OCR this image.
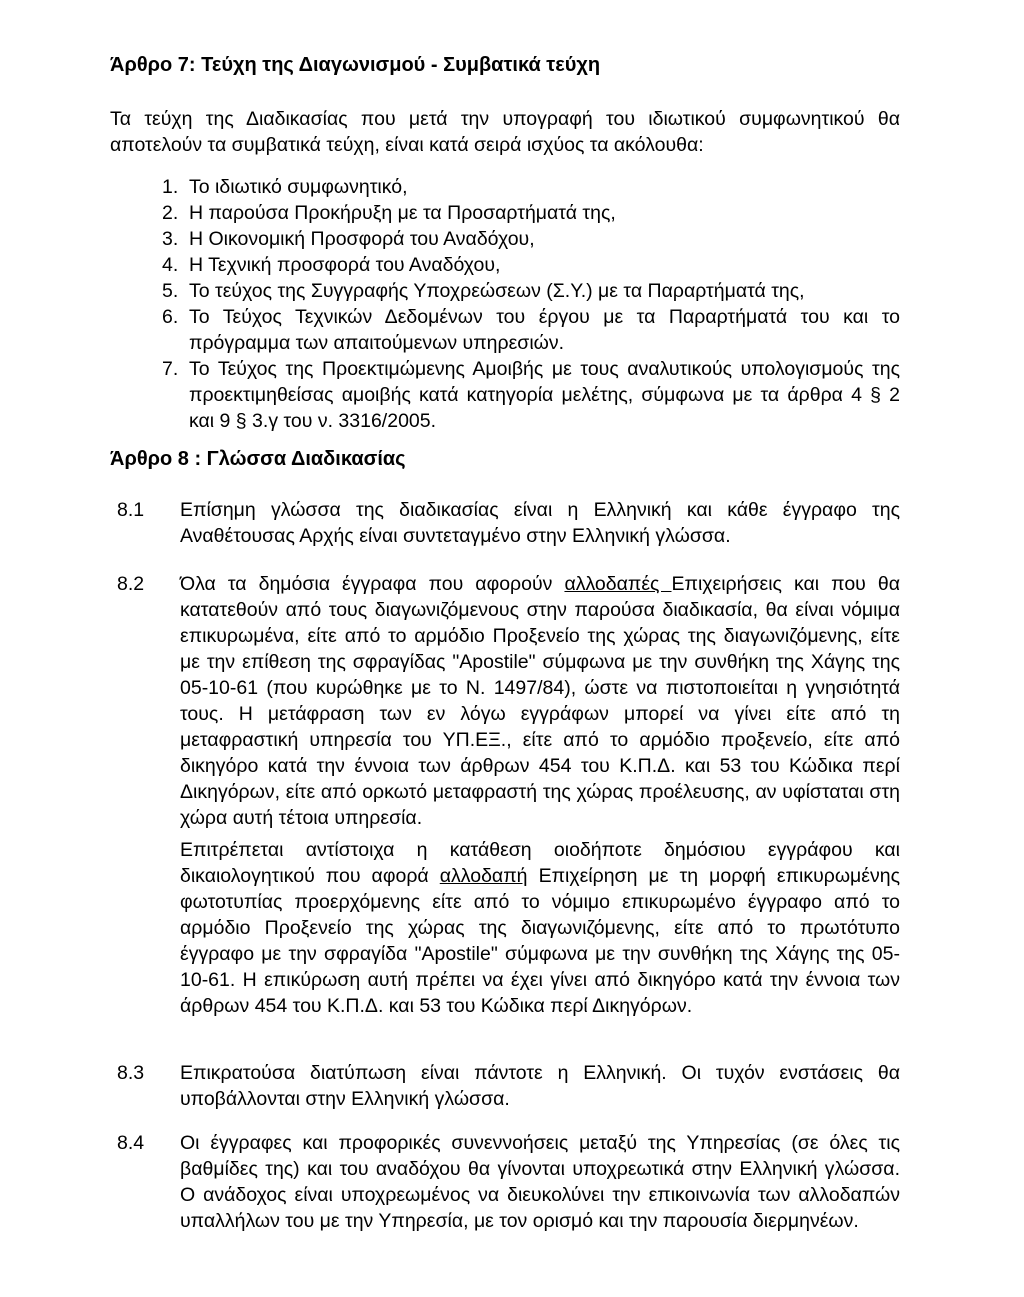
Άρθρο 7: Τεύχη της Διαγωνισμού - Συμβατικά τεύχη
Τα τεύχη της Διαδικασίας που μετά την υπογραφή του ιδιωτικού συμφωνητικού θα αποτελούν τα συμβατικά τεύχη, είναι κατά σειρά ισχύος τα ακόλουθα:
1. Το ιδιωτικό συμφωνητικό,
2. Η παρούσα Προκήρυξη με τα Προσαρτήματά της,
3. Η Οικονομική Προσφορά του Αναδόχου,
4. Η Τεχνική προσφορά του Αναδόχου,
5. Το τεύχος της Συγγραφής Υποχρεώσεων (Σ.Υ.) με τα Παραρτήματά της,
6. Το Τεύχος Τεχνικών Δεδομένων του έργου με τα Παραρτήματά του και το πρόγραμμα των απαιτούμενων υπηρεσιών.
7. Το Τεύχος της Προεκτιμώμενης Αμοιβής με τους αναλυτικούς υπολογισμούς της προεκτιμηθείσας αμοιβής κατά κατηγορία μελέτης, σύμφωνα με τα άρθρα 4 § 2 και 9 § 3.γ του ν. 3316/2005.
Άρθρο 8 : Γλώσσα Διαδικασίας
8.1 Επίσημη γλώσσα της διαδικασίας είναι η Ελληνική και κάθε έγγραφο της Αναθέτουσας Αρχής είναι συντεταγμένο στην Ελληνική γλώσσα.
8.2 Όλα τα δημόσια έγγραφα που αφορούν αλλοδαπές Επιχειρήσεις και που θα κατατεθούν από τους διαγωνιζόμενους στην παρούσα διαδικασία, θα είναι νόμιμα επικυρωμένα, είτε από το αρμόδιο Προξενείο της χώρας της διαγωνιζόμενης, είτε με την επίθεση της σφραγίδας "Apostile" σύμφωνα με την συνθήκη της Χάγης της 05-10-61 (που κυρώθηκε με το Ν. 1497/84), ώστε να πιστοποιείται η γνησιότητά τους. Η μετάφραση των εν λόγω εγγράφων μπορεί να γίνει είτε από τη μεταφραστική υπηρεσία του ΥΠ.ΕΞ., είτε από το αρμόδιο προξενείο, είτε από δικηγόρο κατά την έννοια των άρθρων 454 του Κ.Π.Δ. και 53 του Κώδικα περί Δικηγόρων, είτε από ορκωτό μεταφραστή της χώρας προέλευσης, αν υφίσταται στη χώρα αυτή τέτοια υπηρεσία.
Επιτρέπεται αντίστοιχα η κατάθεση οιοδήποτε δημόσιου εγγράφου και δικαιολογητικού που αφορά αλλοδαπή Επιχείρηση με τη μορφή επικυρωμένης φωτοτυπίας προερχόμενης είτε από το νόμιμο επικυρωμένο έγγραφο από το αρμόδιο Προξενείο της χώρας της διαγωνιζόμενης, είτε από το πρωτότυπο έγγραφο με την σφραγίδα "Apostile" σύμφωνα με την συνθήκη της Χάγης της 05-10-61. Η επικύρωση αυτή πρέπει να έχει γίνει από δικηγόρο κατά την έννοια των άρθρων 454 του Κ.Π.Δ. και 53 του Κώδικα περί Δικηγόρων.
8.3 Επικρατούσα διατύπωση είναι πάντοτε η Ελληνική. Οι τυχόν ενστάσεις θα υποβάλλονται στην Ελληνική γλώσσα.
8.4 Οι έγγραφες και προφορικές συνεννοήσεις μεταξύ της Υπηρεσίας (σε όλες τις βαθμίδες της) και του αναδόχου θα γίνονται υποχρεωτικά στην Ελληνική γλώσσα. Ο ανάδοχος είναι υποχρεωμένος να διευκολύνει την επικοινωνία των αλλοδαπών υπαλλήλων του με την Υπηρεσία, με τον ορισμό και την παρουσία διερμηνέων.
